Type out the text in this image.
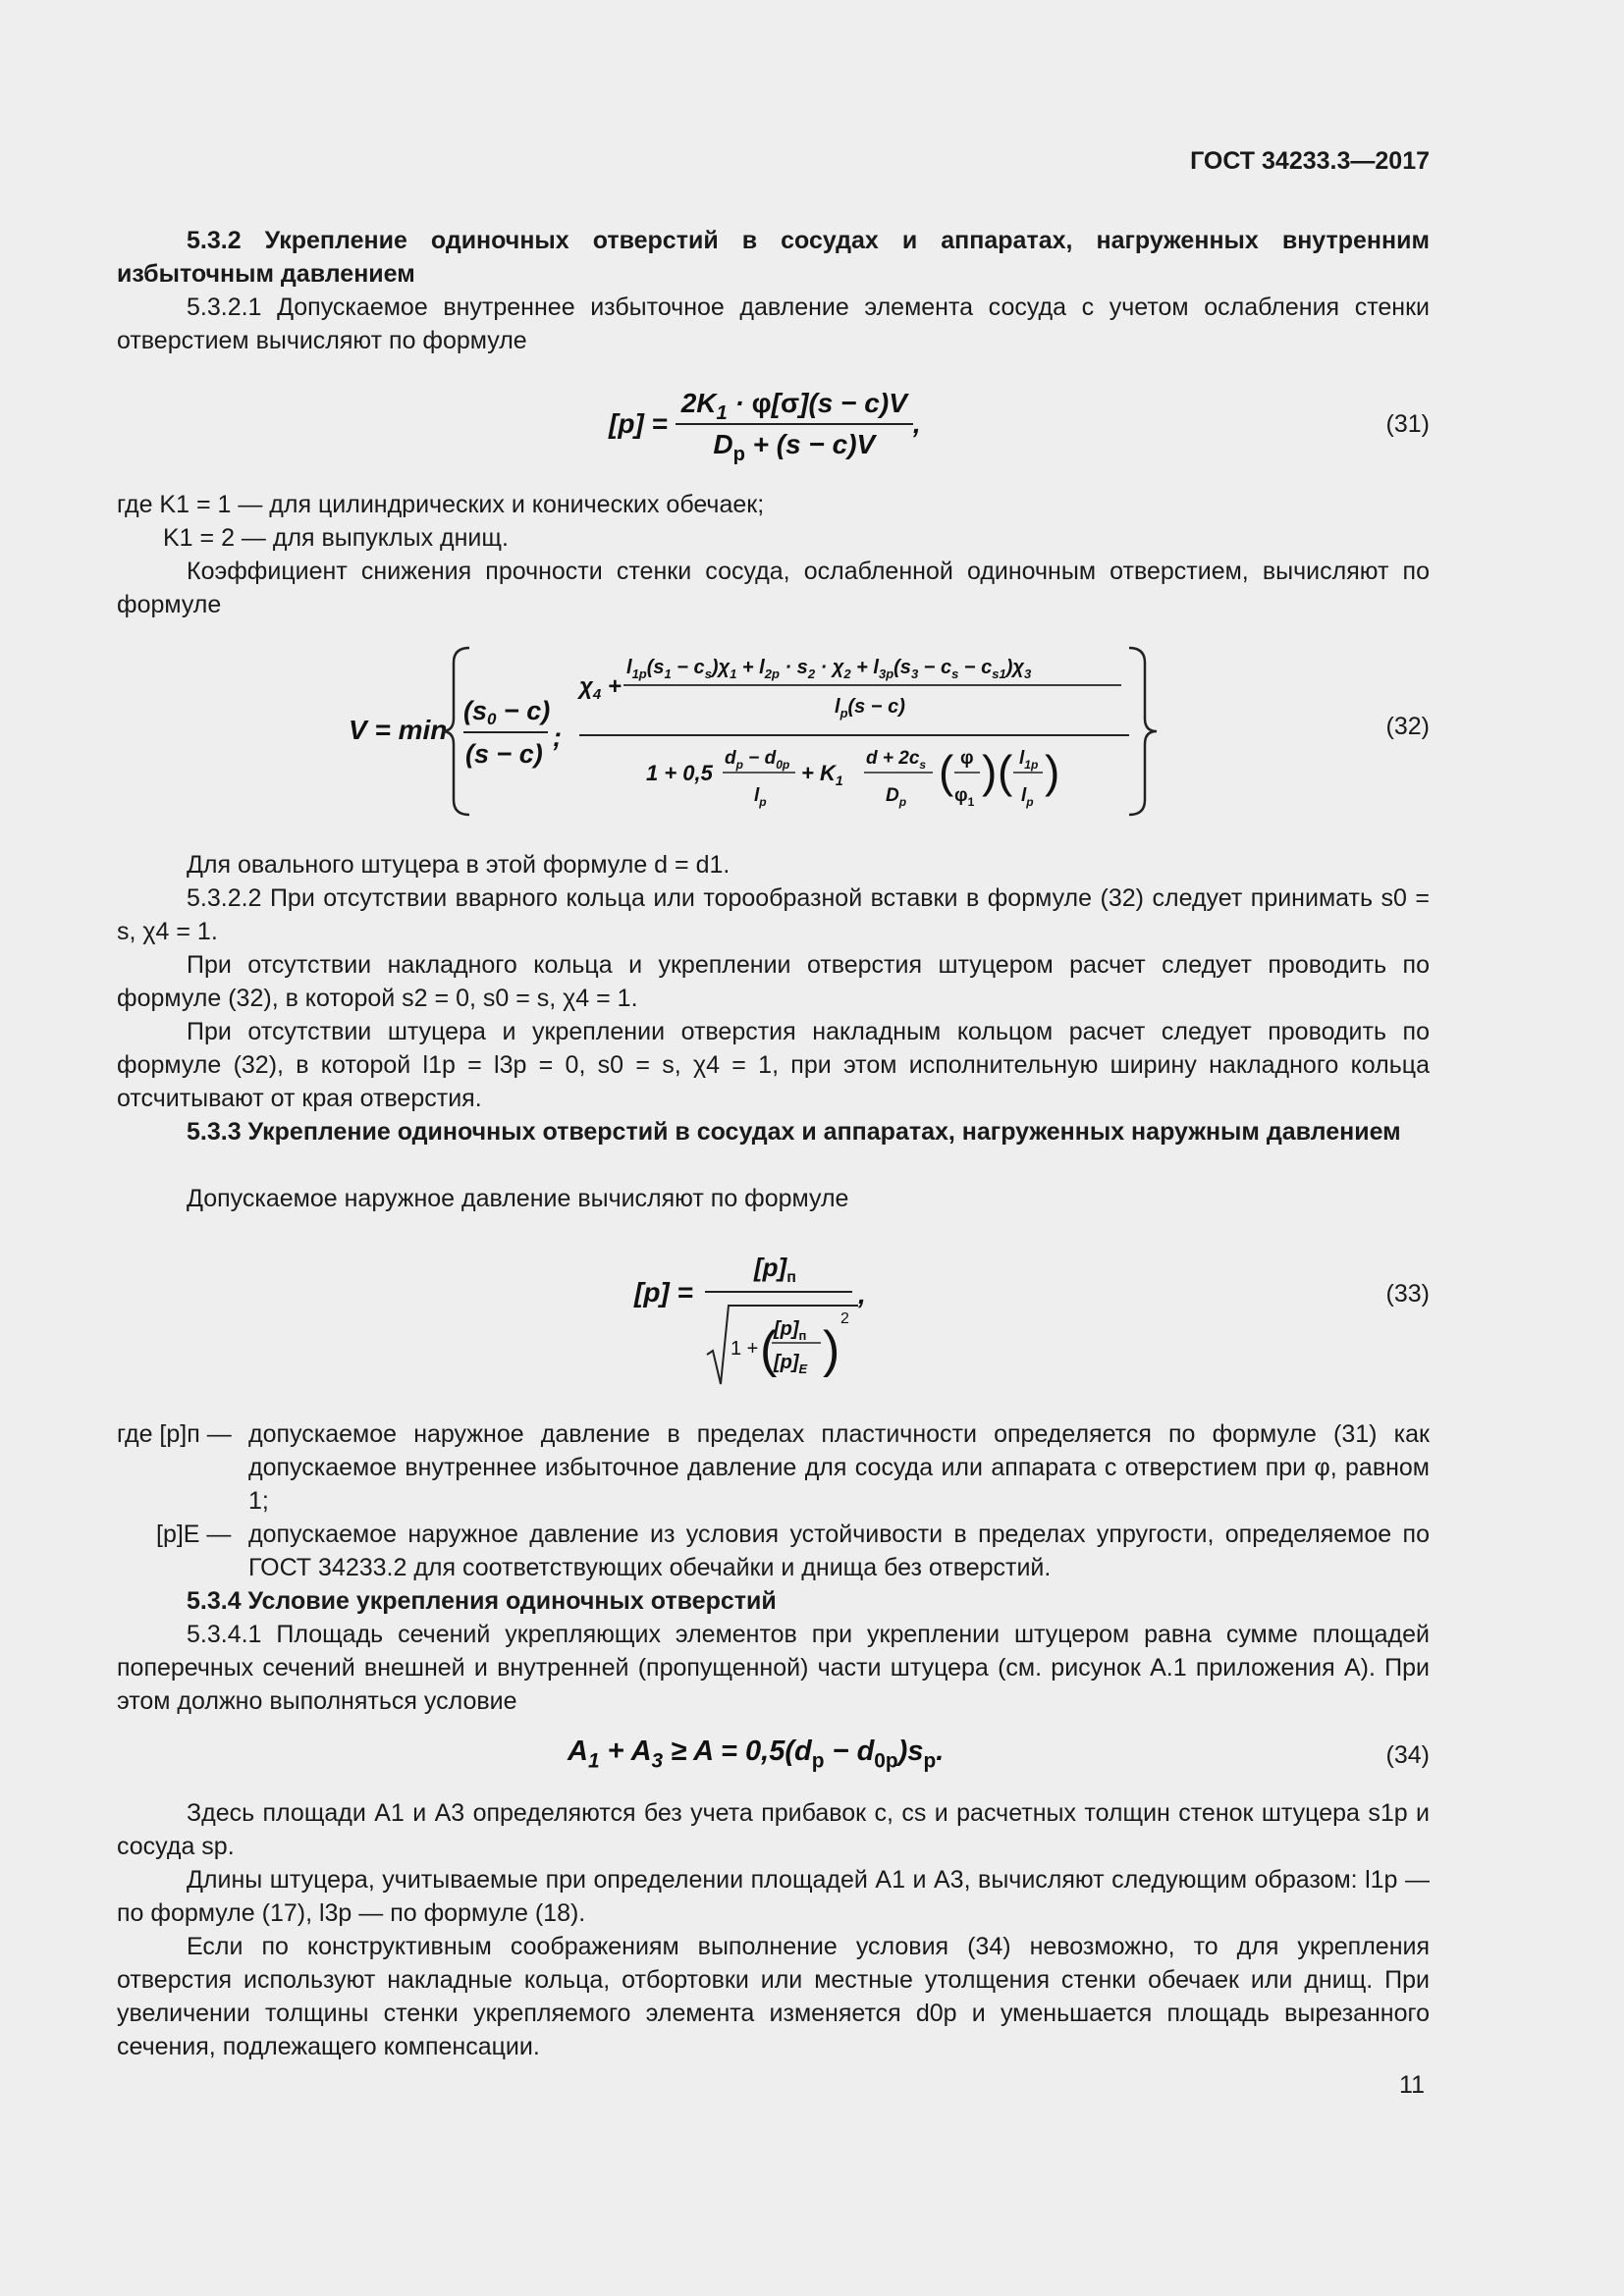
ГОСТ 34233.3—2017
5.3.2 Укрепление одиночных отверстий в сосудах и аппаратах, нагруженных внутренним избыточным давлением
5.3.2.1 Допускаемое внутреннее избыточное давление элемента сосуда с учетом ослабления стенки отверстием вычисляют по формуле
$[p] = \frac{2K_1 \cdot \varphi[\sigma](s - c)V}{D_p + (s - c)V}$ ,	(31)
где K1 = 1 — для цилиндрических и конических обечаек;
K1 = 2 — для выпуклых днищ.
Коэффициент снижения прочности стенки сосуда, ослабленной одиночным отверстием, вычисляют по формуле
V = min
(s0 − c)
(s − c)
;
$\chi_4$ +
$l_{1p}(s_1 - c_s)\chi_1 + l_{2p} \cdot s_2 \cdot \chi_2 + l_{3p}(s_3 - c_s - c_{s1})\chi_3$
$l_p(s - c)$
1 + 0,5
$d_p - d_{0p}$
$l_p$
+ $K_1$
$d + 2c_s$
$D_p$
( φ
$\varphi_1$
) ( $l_{1p}$
$l_p$
)
(32)
Для овального штуцера в этой формуле d = d1.
5.3.2.2 При отсутствии вварного кольца или торообразной вставки в формуле (32) следует принимать s0 = s, χ4 = 1.
При отсутствии накладного кольца и укреплении отверстия штуцером расчет следует проводить по формуле (32), в которой s2 = 0, s0 = s, χ4 = 1.
При отсутствии штуцера и укреплении отверстия накладным кольцом расчет следует проводить по формуле (32), в которой l1p = l3p = 0, s0 = s, χ4 = 1, при этом исполнительную ширину накладного кольца отсчитывают от края отверстия.
5.3.3 Укрепление одиночных отверстий в сосудах и аппаратах, нагруженных наружным давлением
Допускаемое наружное давление вычисляют по формуле
[p] =
$[p]_п$
1 + (
$[p]_п$
$[p]_E$ )
2
,	(33)
где [p]п — допускаемое наружное давление в пределах пластичности определяется по формуле (31) как допускаемое внутреннее избыточное давление для сосуда или аппарата с отверстием при φ, равном 1;
[p]E — допускаемое наружное давление из условия устойчивости в пределах упругости, определяемое по ГОСТ 34233.2 для соответствующих обечайки и днища без отверстий.
5.3.4 Условие укрепления одиночных отверстий
5.3.4.1 Площадь сечений укрепляющих элементов при укреплении штуцером равна сумме площадей поперечных сечений внешней и внутренней (пропущенной) части штуцера (см. рисунок А.1 приложения А). При этом должно выполняться условие
$A_1 + A_3 \ge A = 0,5(d_p - d_{0p})s_p$.	(34)
Здесь площади A1 и A3 определяются без учета прибавок c, cs и расчетных толщин стенок штуцера s1p и сосуда sp.
Длины штуцера, учитываемые при определении площадей A1 и A3, вычисляют следующим образом: l1p — по формуле (17), l3p — по формуле (18).
Если по конструктивным соображениям выполнение условия (34) невозможно, то для укрепления отверстия используют накладные кольца, отбортовки или местные утолщения стенки обечаек или днищ. При увеличении толщины стенки укрепляемого элемента изменяется d0p и уменьшается площадь вырезанного сечения, подлежащего компенсации.
11
